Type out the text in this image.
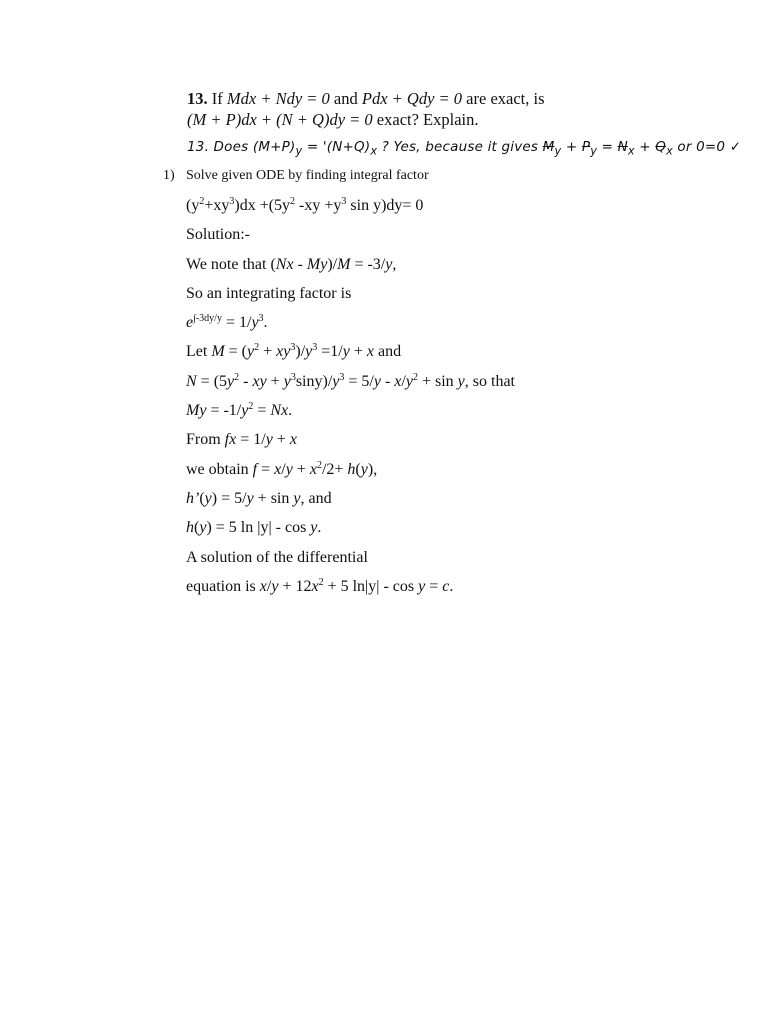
13. If Mdx + Ndy = 0 and Pdx + Qdy = 0 are exact, is
(M + P)dx + (N + Q)dy = 0 exact? Explain.
13. Does $(M+P)_y$ = '$(N+Q)_x$ ? Yes, because it gives $M_y + P_y = N_x + Q_x$ or 0=0 ✓
1) Solve given ODE by finding integral factor
$(y^2+xy^3)dx +(5y^2$ $-xy +y^3$ sin y)dy= 0
Solution:-
We note that (Nx - My)/M = -3/y,
So an integrating factor is
$e^{\int-3dy/y} = 1/y^3$.
Let $M = (y^2 + xy^3)/y^3 =1/y + x$ and
$N = (5y^2$ - xy + $y^3\sin y)/y^3 = 5/y - x/y^2 + \sin y$, so that
$My = -1/y^2 = Nx$.
From fx = 1/y + x
we obtain $f = x/y + x^2/2+ h(y)$,
h’(y) = 5/y + sin y, and
h(y) = 5 ln |y| - cos y.
A solution of the differential
equation is $x/y + 12x^2 + 5$ ln|y| - cos y = c.
